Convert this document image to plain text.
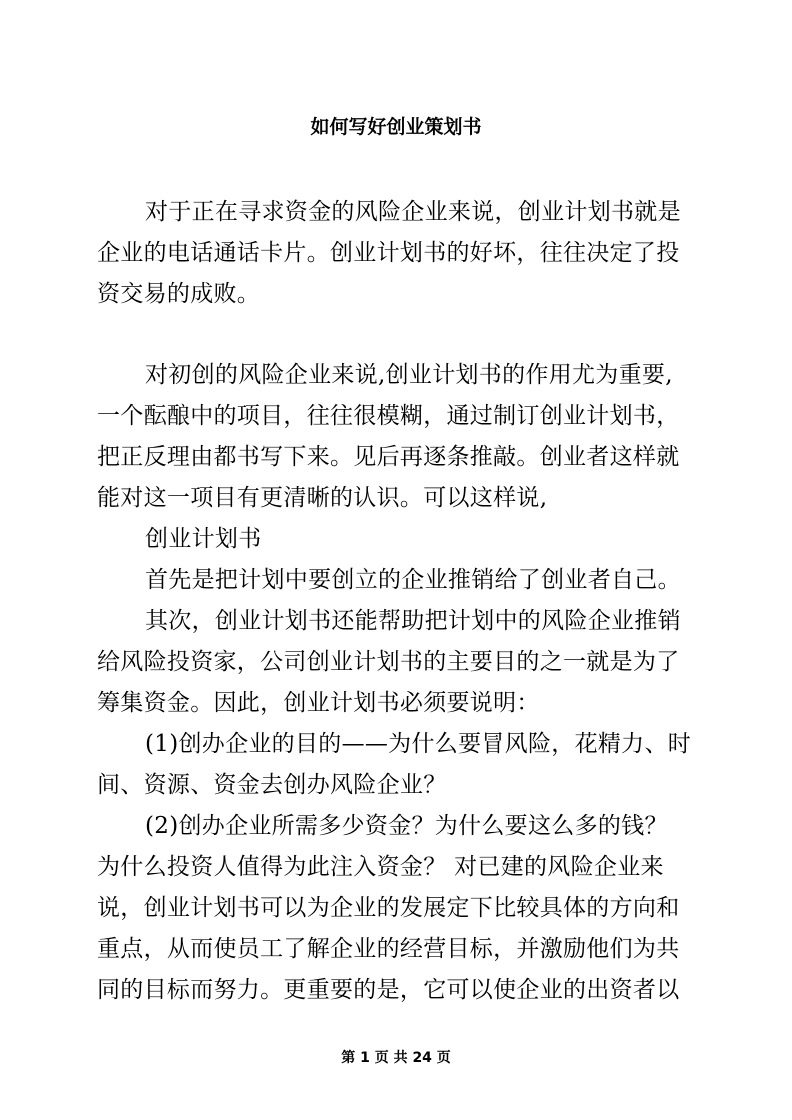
如何写好创业策划书
对于正在寻求资金的风险企业来说，创业计划书就是
企业的电话通话卡片。创业计划书的好坏，往往决定了投
资交易的成败。
对初创的风险企业来说,创业计划书的作用尤为重要,
一个酝酿中的项目，往往很模糊，通过制订创业计划书，
把正反理由都书写下来。见后再逐条推敲。创业者这样就
能对这一项目有更清晰的认识。可以这样说,
创业计划书
首先是把计划中要创立的企业推销给了创业者自己。
其次，创业计划书还能帮助把计划中的风险企业推销
给风险投资家，公司创业计划书的主要目的之一就是为了
筹集资金。因此，创业计划书必须要说明：
(1)创办企业的目的——为什么要冒风险，花精力、时
间、资源、资金去创办风险企业？
(2)创办企业所需多少资金？为什么要这么多的钱？
为什么投资人值得为此注入资金？ 对已建的风险企业来
说，创业计划书可以为企业的发展定下比较具体的方向和
重点，从而使员工了解企业的经营目标，并激励他们为共
同的目标而努力。更重要的是，它可以使企业的出资者以
第 1 页 共 24 页
